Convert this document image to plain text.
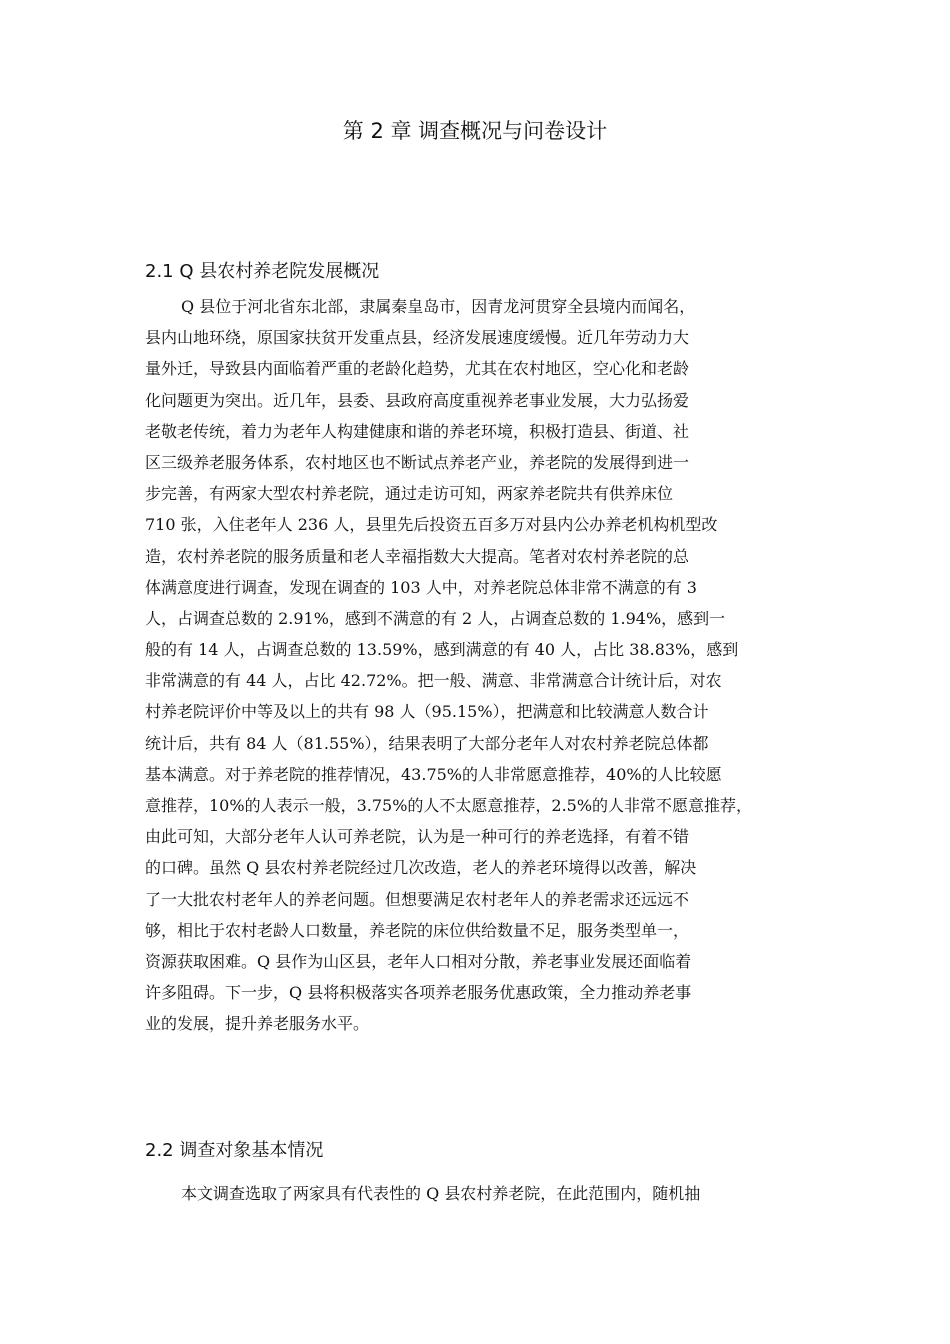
第 2 章 调查概况与问卷设计
2.1 Q 县农村养老院发展概况
Q 县位于河北省东北部，隶属秦皇岛市，因青龙河贯穿全县境内而闻名，
县内山地环绕，原国家扶贫开发重点县，经济发展速度缓慢。近几年劳动力大
量外迁，导致县内面临着严重的老龄化趋势，尤其在农村地区，空心化和老龄
化问题更为突出。近几年，县委、县政府高度重视养老事业发展，大力弘扬爱
老敬老传统，着力为老年人构建健康和谐的养老环境，积极打造县、街道、社
区三级养老服务体系，农村地区也不断试点养老产业，养老院的发展得到进一
步完善，有两家大型农村养老院，通过走访可知，两家养老院共有供养床位
710 张，入住老年人 236 人，县里先后投资五百多万对县内公办养老机构机型改
造，农村养老院的服务质量和老人幸福指数大大提高。笔者对农村养老院的总
体满意度进行调查，发现在调查的 103 人中，对养老院总体非常不满意的有 3
人，占调查总数的 2.91%，感到不满意的有 2 人，占调查总数的 1.94%，感到一
般的有 14 人，占调查总数的 13.59%，感到满意的有 40 人，占比 38.83%，感到
非常满意的有 44 人，占比 42.72%。把一般、满意、非常满意合计统计后，对农
村养老院评价中等及以上的共有 98 人（95.15%），把满意和比较满意人数合计
统计后，共有 84 人（81.55%），结果表明了大部分老年人对农村养老院总体都
基本满意。对于养老院的推荐情况，43.75%的人非常愿意推荐，40%的人比较愿
意推荐，10%的人表示一般，3.75%的人不太愿意推荐，2.5%的人非常不愿意推荐，
由此可知，大部分老年人认可养老院，认为是一种可行的养老选择，有着不错
的口碑。虽然 Q 县农村养老院经过几次改造，老人的养老环境得以改善，解决
了一大批农村老年人的养老问题。但想要满足农村老年人的养老需求还远远不
够，相比于农村老龄人口数量，养老院的床位供给数量不足，服务类型单一，
资源获取困难。Q 县作为山区县，老年人口相对分散，养老事业发展还面临着
许多阻碍。下一步，Q 县将积极落实各项养老服务优惠政策，全力推动养老事
业的发展，提升养老服务水平。
2.2 调查对象基本情况
本文调查选取了两家具有代表性的 Q 县农村养老院，在此范围内，随机抽
